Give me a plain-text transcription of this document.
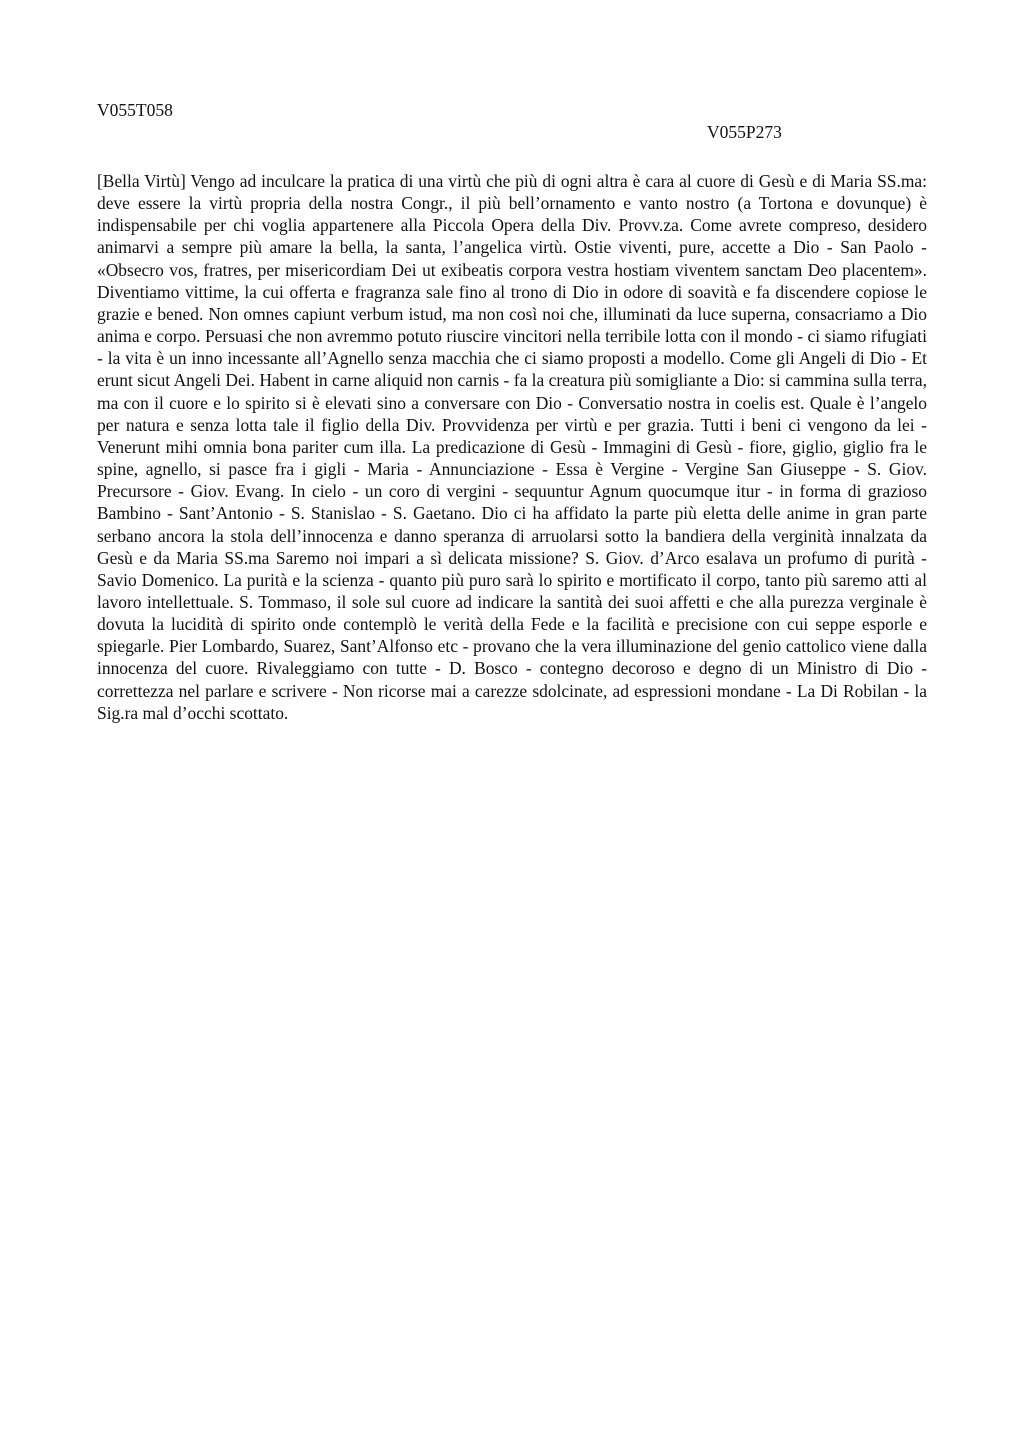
V055T058

V055P273

[Bella Virtù] Vengo ad inculcare la pratica di una virtù che più di ogni altra è cara al cuore di Gesù e di Maria SS.ma: deve essere la virtù propria della nostra Congr., il più bell’ornamento e vanto nostro (a Tortona e dovunque) è indispensabile per chi voglia appartenere alla Piccola Opera della Div. Provv.za. Come avrete compreso, desidero animarvi a sempre più amare la bella, la santa, l’angelica virtù. Ostie viventi, pure, accette a Dio - San Paolo - «Obsecro vos, fratres, per misericordiam Dei ut exibeatis corpora vestra hostiam viventem sanctam Deo placentem». Diventiamo vittime, la cui offerta e fragranza sale fino al trono di Dio in odore di soavità e fa discendere copiose le grazie e bened. Non omnes capiunt verbum istud, ma non così noi che, illuminati da luce superna, consacriamo a Dio anima e corpo. Persuasi che non avremmo potuto riuscire vincitori nella terribile lotta con il mondo - ci siamo rifugiati - la vita è un inno incessante all’Agnello senza macchia che ci siamo proposti a modello. Come gli Angeli di Dio - Et erunt sicut Angeli Dei. Habent in carne aliquid non carnis - fa la creatura più somigliante a Dio: si cammina sulla terra, ma con il cuore e lo spirito si è elevati sino a conversare con Dio - Conversatio nostra in coelis est. Quale è l’angelo per natura e senza lotta tale il figlio della Div. Provvidenza per virtù e per grazia. Tutti i beni ci vengono da lei - Venerunt mihi omnia bona pariter cum illa. La predicazione di Gesù - Immagini di Gesù - fiore, giglio, giglio fra le spine, agnello, si pasce fra i gigli - Maria - Annunciazione - Essa è Vergine - Vergine San Giuseppe - S. Giov. Precursore - Giov. Evang. In cielo - un coro di vergini - sequuntur Agnum quocumque itur - in forma di grazioso Bambino - Sant’Antonio - S. Stanislao - S. Gaetano. Dio ci ha affidato la parte più eletta delle anime in gran parte serbano ancora la stola dell’innocenza e danno speranza di arruolarsi sotto la bandiera della verginità innalzata da Gesù e da Maria SS.ma Saremo noi impari a sì delicata missione? S. Giov. d’Arco esalava un profumo di purità - Savio Domenico. La purità e la scienza - quanto più puro sarà lo spirito e mortificato il corpo, tanto più saremo atti al lavoro intellettuale. S. Tommaso, il sole sul cuore ad indicare la santità dei suoi affetti e che alla purezza verginale è dovuta la lucidità di spirito onde contemplò le verità della Fede e la facilità e precisione con cui seppe esporle e spiegarle. Pier Lombardo, Suarez, Sant’Alfonso etc - provano che la vera illuminazione del genio cattolico viene dalla innocenza del cuore. Rivaleggiamo con tutte - D. Bosco - contegno decoroso e degno di un Ministro di Dio - correttezza nel parlare e scrivere - Non ricorse mai a carezze sdolcinate, ad espressioni mondane - La Di Robilan - la Sig.ra mal d’occhi scottato.
